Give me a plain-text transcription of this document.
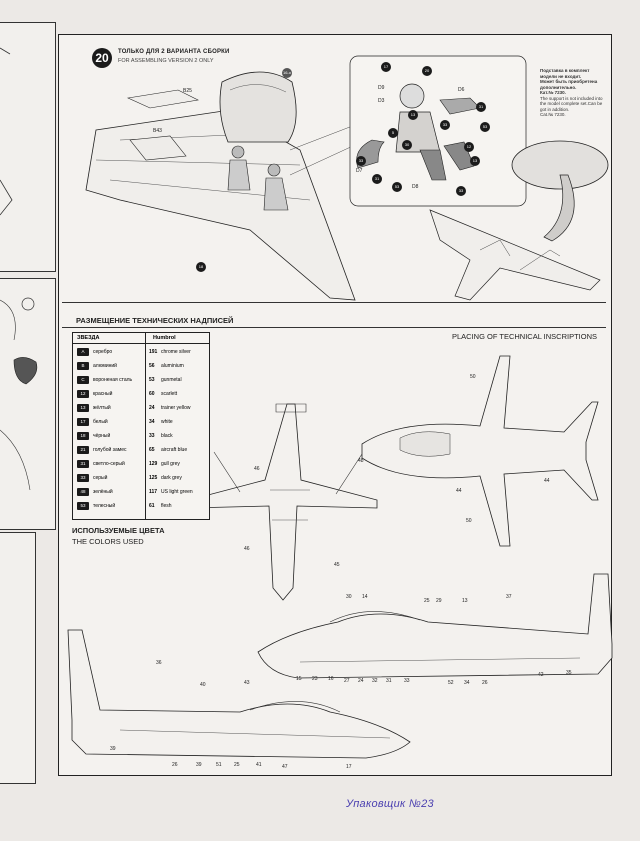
20	ТОЛЬКО ДЛЯ 2 ВАРИАНТА СБОРКИ
FOR ASSEMBLING VERSION 2 ONLY
B25
B43
D9	D6
D3
D7
D8
16-o
18
17
20
13
33
31
53
5
30	12
13
33
31
53
33
Подставка в комплект
модели не входит.
Может быть приобретена
дополнительно.
Кат.№ 7230.
The support is not included into
the model complete set.Can be
got in addition.
Cat.№ 7230.
РАЗМЕЩЕНИЕ ТЕХНИЧЕСКИХ НАДПИСЕЙ
PLACING OF TECHNICAL INSCRIPTIONS
ЗВЕЗДА	Humbrol
A	серебро	191 chrome silver
B	алюминий	56 aluminium
C	вороненая сталь	53 gunmetal
12	красный	60 scarlett
13	жёлтый	24 trainer yellow
17	белый	34 white
18	чёрный	33 black
21	голубой замес	65 aircraft blue
31	светло-серый	129 gull grey
33	серый	125 dark grey
48	зелёный	117 US light green
53	телесный	61 flesh
ИСПОЛЬЗУЕМЫЕ ЦВЕТА
THE COLORS USED
50
46
48
46
44
44
50
45
30 14
25 29	13
37
15 23 16 27 24 32 31 33	52 34 26
42	35
36
40	43
39
26	39	51 25	41	47	17
Упаковщик №23
